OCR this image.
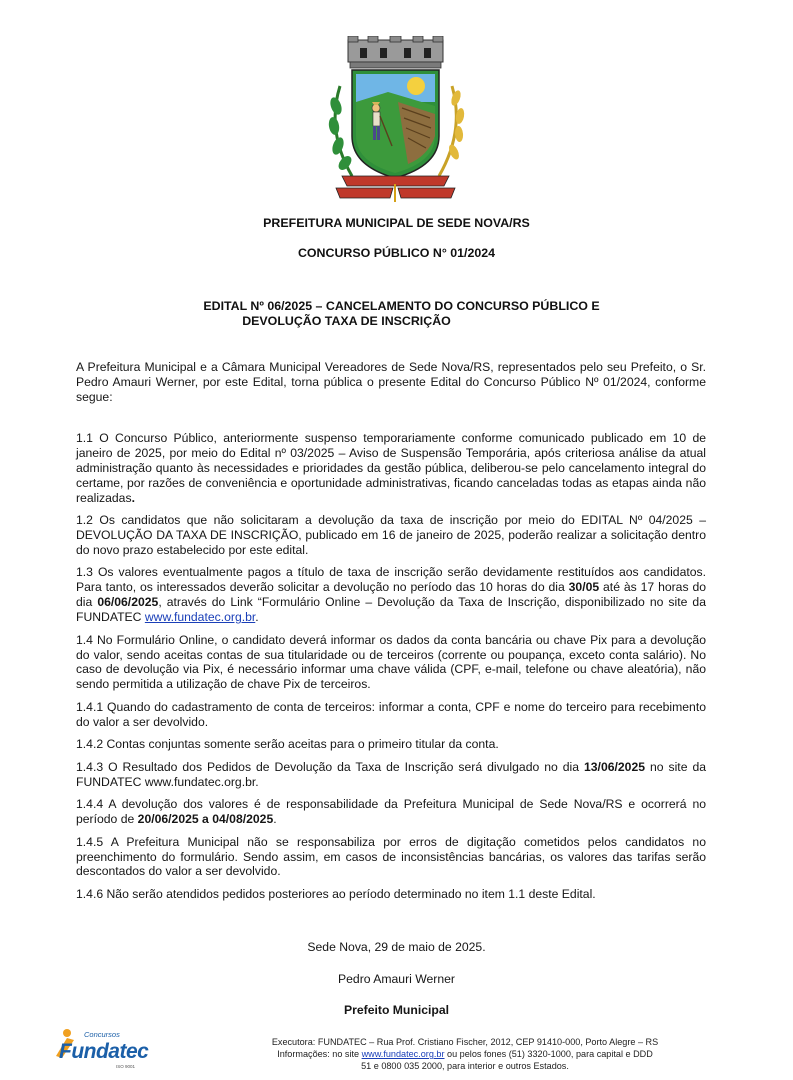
PREFEITURA MUNICIPAL DE SEDE NOVA/RS
CONCURSO PÚBLICO N° 01/2024
EDITAL Nº 06/2025 – CANCELAMENTO DO CONCURSO PÚBLICO E
DEVOLUÇÃO TAXA DE INSCRIÇÃO

A Prefeitura Municipal e a Câmara Municipal Vereadores de Sede Nova/RS, representados pelo seu Prefeito, o Sr. Pedro Amauri Werner, por este Edital, torna pública o presente Edital do Concurso Público Nº 01/2024, conforme segue:

1.1 O Concurso Público, anteriormente suspenso temporariamente conforme comunicado publicado em 10 de janeiro de 2025, por meio do Edital nº 03/2025 – Aviso de Suspensão Temporária, após criteriosa análise da atual administração quanto às necessidades e prioridades da gestão pública, deliberou-se pelo cancelamento integral do certame, por razões de conveniência e oportunidade administrativas, ficando canceladas todas as etapas ainda não realizadas.

1.2 Os candidatos que não solicitaram a devolução da taxa de inscrição por meio do EDITAL Nº 04/2025 – DEVOLUÇÃO DA TAXA DE INSCRIÇÃO, publicado em 16 de janeiro de 2025, poderão realizar a solicitação dentro do novo prazo estabelecido por este edital.

1.3 Os valores eventualmente pagos a título de taxa de inscrição serão devidamente restituídos aos candidatos. Para tanto, os interessados deverão solicitar a devolução no período das 10 horas do dia 30/05 até às 17 horas do dia 06/06/2025, através do Link “Formulário Online – Devolução da Taxa de Inscrição, disponibilizado no site da FUNDATEC www.fundatec.org.br.

1.4 No Formulário Online, o candidato deverá informar os dados da conta bancária ou chave Pix para a devolução do valor, sendo aceitas contas de sua titularidade ou de terceiros (corrente ou poupança, exceto conta salário). No caso de devolução via Pix, é necessário informar uma chave válida (CPF, e-mail, telefone ou chave aleatória), não sendo permitida a utilização de chave Pix de terceiros.

1.4.1 Quando do cadastramento de conta de terceiros: informar a conta, CPF e nome do terceiro para recebimento do valor a ser devolvido.

1.4.2 Contas conjuntas somente serão aceitas para o primeiro titular da conta.

1.4.3 O Resultado dos Pedidos de Devolução da Taxa de Inscrição será divulgado no dia 13/06/2025 no site da FUNDATEC www.fundatec.org.br.

1.4.4 A devolução dos valores é de responsabilidade da Prefeitura Municipal de Sede Nova/RS e ocorrerá no período de 20/06/2025 a 04/08/2025.

1.4.5 A Prefeitura Municipal não se responsabiliza por erros de digitação cometidos pelos candidatos no preenchimento do formulário. Sendo assim, em casos de inconsistências bancárias, os valores das tarifas serão descontados do valor a ser devolvido.

1.4.6 Não serão atendidos pedidos posteriores ao período determinado no item 1.1 deste Edital.

Sede Nova, 29 de maio de 2025.
Pedro Amauri Werner
Prefeito Municipal
Concursos
Fundatec
ISO 9001
Executora: FUNDATEC – Rua Prof. Cristiano Fischer, 2012, CEP 91410-000, Porto Alegre – RS
Informações: no site www.fundatec.org.br ou pelos fones (51) 3320-1000, para capital e DDD
51 e 0800 035 2000, para interior e outros Estados.
